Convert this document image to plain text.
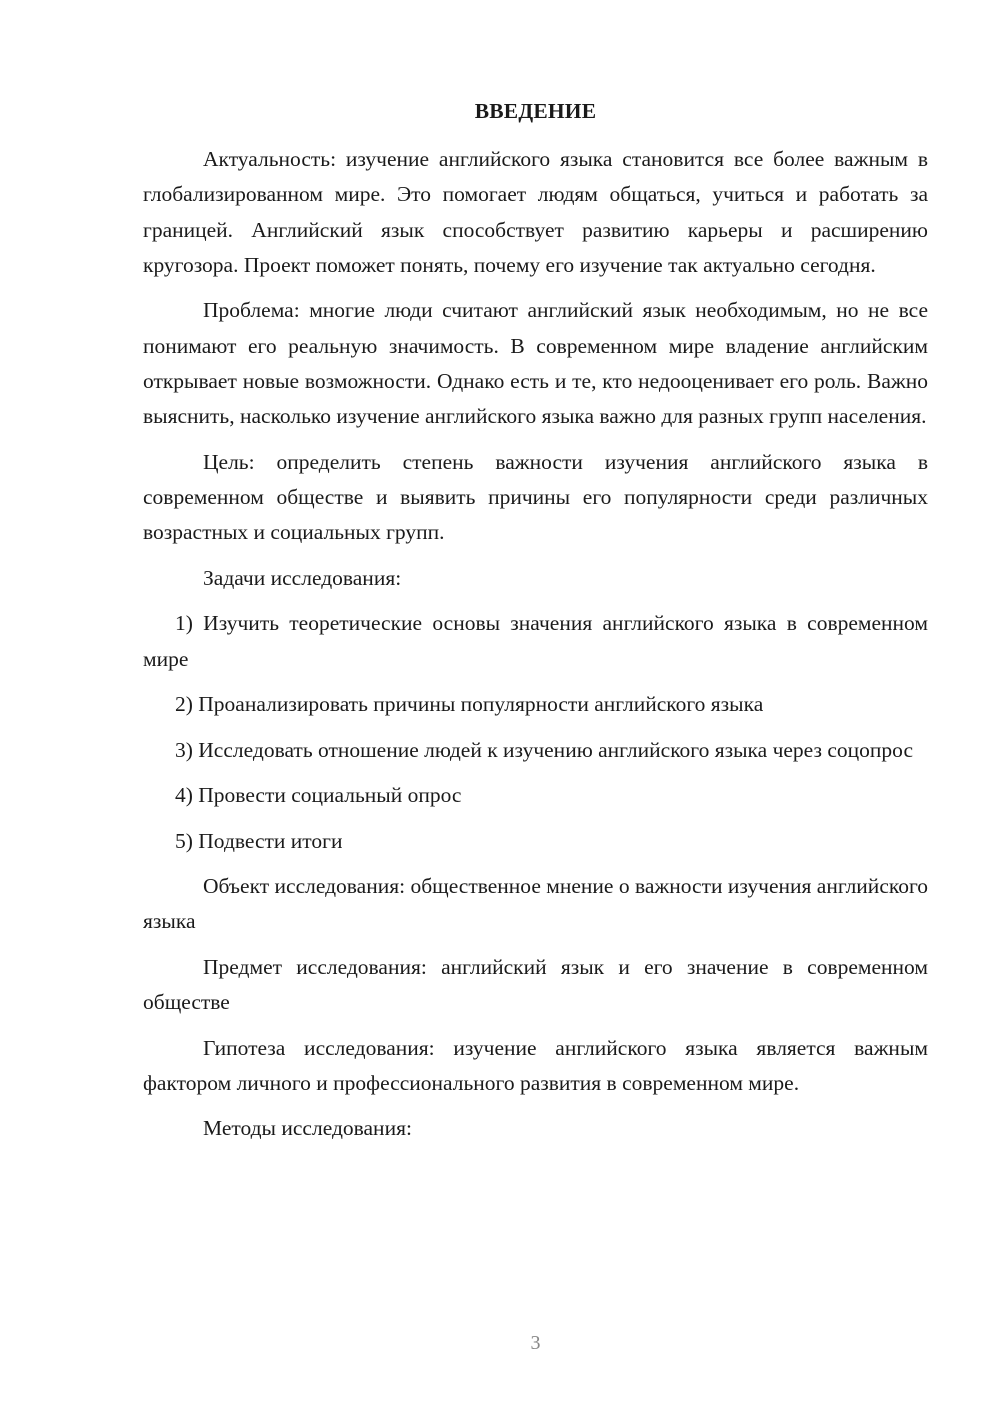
ВВЕДЕНИЕ

Актуальность: изучение английского языка становится все более важным в глобализированном мире. Это помогает людям общаться, учиться и работать за границей. Английский язык способствует развитию карьеры и расширению кругозора. Проект поможет понять, почему его изучение так актуально сегодня.

Проблема: многие люди считают английский язык необходимым, но не все понимают его реальную значимость. В современном мире владение английским открывает новые возможности. Однако есть и те, кто недооценивает его роль. Важно выяснить, насколько изучение английского языка важно для разных групп населения.

Цель: определить степень важности изучения английского языка в современном обществе и выявить причины его популярности среди различных возрастных и социальных групп.

Задачи исследования:

1) Изучить теоретические основы значения английского языка в современном мире

2) Проанализировать причины популярности английского языка

3) Исследовать отношение людей к изучению английского языка через соцопрос

4) Провести социальный опрос

5) Подвести итоги

Объект исследования: общественное мнение о важности изучения английского языка

Предмет исследования: английский язык и его значение в современном обществе

Гипотеза исследования: изучение английского языка является важным фактором личного и профессионального развития в современном мире.

Методы исследования:

3
